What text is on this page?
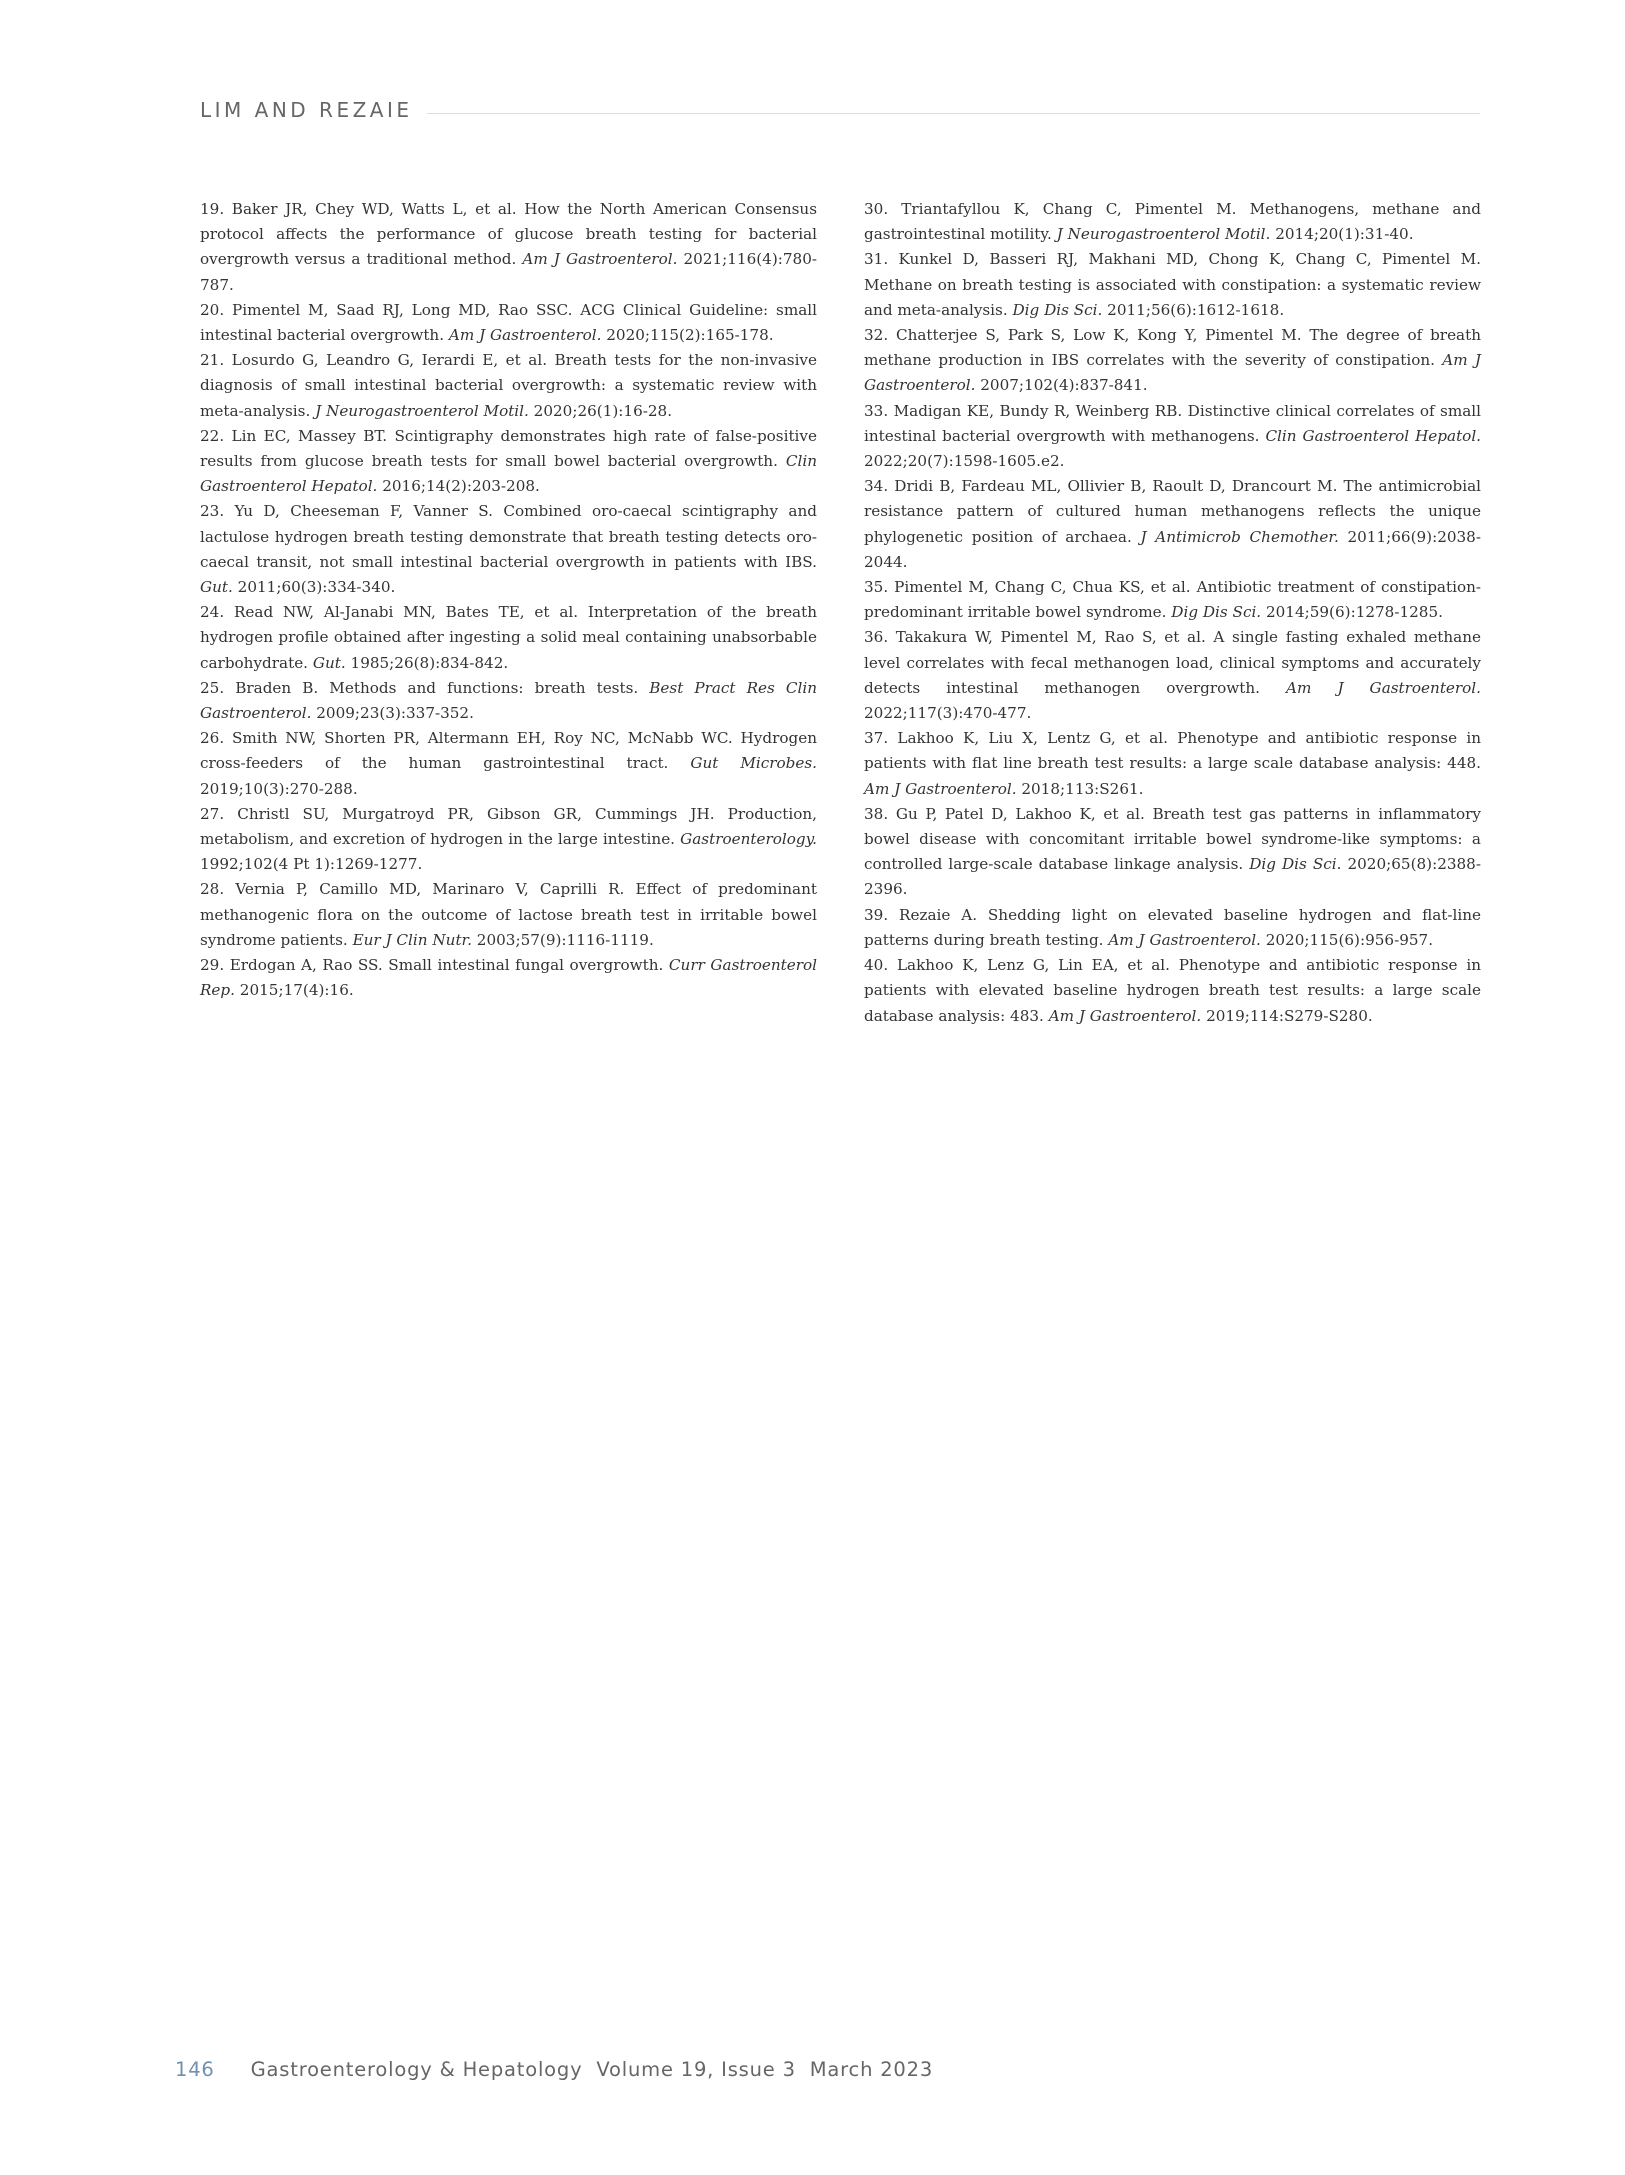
LIM AND REZAIE

19. Baker JR, Chey WD, Watts L, et al. How the North American Consensus protocol affects the performance of glucose breath testing for bacterial overgrowth versus a traditional method. Am J Gastroenterol. 2021;116(4):780-787.

20. Pimentel M, Saad RJ, Long MD, Rao SSC. ACG Clinical Guideline: small intestinal bacterial overgrowth. Am J Gastroenterol. 2020;115(2):165-178.

21. Losurdo G, Leandro G, Ierardi E, et al. Breath tests for the non-invasive diagnosis of small intestinal bacterial overgrowth: a systematic review with meta-analysis. J Neurogastroenterol Motil. 2020;26(1):16-28.

22. Lin EC, Massey BT. Scintigraphy demonstrates high rate of false-positive results from glucose breath tests for small bowel bacterial overgrowth. Clin Gastroenterol Hepatol. 2016;14(2):203-208.

23. Yu D, Cheeseman F, Vanner S. Combined oro-caecal scintigraphy and lactulose hydrogen breath testing demonstrate that breath testing detects oro-caecal transit, not small intestinal bacterial overgrowth in patients with IBS. Gut. 2011;60(3):334-340.

24. Read NW, Al-Janabi MN, Bates TE, et al. Interpretation of the breath hydrogen profile obtained after ingesting a solid meal containing unabsorbable carbohydrate. Gut. 1985;26(8):834-842.

25. Braden B. Methods and functions: breath tests. Best Pract Res Clin Gastroenterol. 2009;23(3):337-352.

26. Smith NW, Shorten PR, Altermann EH, Roy NC, McNabb WC. Hydrogen cross-feeders of the human gastrointestinal tract. Gut Microbes. 2019;10(3):270-288.

27. Christl SU, Murgatroyd PR, Gibson GR, Cummings JH. Production, metabolism, and excretion of hydrogen in the large intestine. Gastroenterology. 1992;102(4 Pt 1):1269-1277.

28. Vernia P, Camillo MD, Marinaro V, Caprilli R. Effect of predominant methanogenic flora on the outcome of lactose breath test in irritable bowel syndrome patients. Eur J Clin Nutr. 2003;57(9):1116-1119.

29. Erdogan A, Rao SS. Small intestinal fungal overgrowth. Curr Gastroenterol Rep. 2015;17(4):16.

30. Triantafyllou K, Chang C, Pimentel M. Methanogens, methane and gastrointestinal motility. J Neurogastroenterol Motil. 2014;20(1):31-40.

31. Kunkel D, Basseri RJ, Makhani MD, Chong K, Chang C, Pimentel M. Methane on breath testing is associated with constipation: a systematic review and meta-analysis. Dig Dis Sci. 2011;56(6):1612-1618.

32. Chatterjee S, Park S, Low K, Kong Y, Pimentel M. The degree of breath methane production in IBS correlates with the severity of constipation. Am J Gastroenterol. 2007;102(4):837-841.

33. Madigan KE, Bundy R, Weinberg RB. Distinctive clinical correlates of small intestinal bacterial overgrowth with methanogens. Clin Gastroenterol Hepatol. 2022;20(7):1598-1605.e2.

34. Dridi B, Fardeau ML, Ollivier B, Raoult D, Drancourt M. The antimicrobial resistance pattern of cultured human methanogens reflects the unique phylogenetic position of archaea. J Antimicrob Chemother. 2011;66(9):2038-2044.

35. Pimentel M, Chang C, Chua KS, et al. Antibiotic treatment of constipation-predominant irritable bowel syndrome. Dig Dis Sci. 2014;59(6):1278-1285.

36. Takakura W, Pimentel M, Rao S, et al. A single fasting exhaled methane level correlates with fecal methanogen load, clinical symptoms and accurately detects intestinal methanogen overgrowth. Am J Gastroenterol. 2022;117(3):470-477.

37. Lakhoo K, Liu X, Lentz G, et al. Phenotype and antibiotic response in patients with flat line breath test results: a large scale database analysis: 448. Am J Gastroenterol. 2018;113:S261.

38. Gu P, Patel D, Lakhoo K, et al. Breath test gas patterns in inflammatory bowel disease with concomitant irritable bowel syndrome-like symptoms: a controlled large-scale database linkage analysis. Dig Dis Sci. 2020;65(8):2388-2396.

39. Rezaie A. Shedding light on elevated baseline hydrogen and flat-line patterns during breath testing. Am J Gastroenterol. 2020;115(6):956-957.

40. Lakhoo K, Lenz G, Lin EA, et al. Phenotype and antibiotic response in patients with elevated baseline hydrogen breath test results: a large scale database analysis: 483. Am J Gastroenterol. 2019;114:S279-S280.

146 Gastroenterology & Hepatology  Volume 19, Issue 3  March 2023
